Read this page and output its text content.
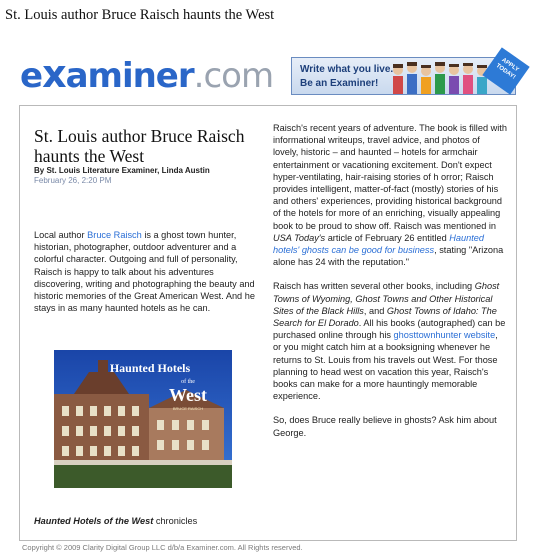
St. Louis author Bruce Raisch haunts the West
examiner.com	Write what you live.
Be an Examiner!
APPLY TODAY!
St. Louis author Bruce Raisch haunts the West
By St. Louis Literature Examiner, Linda Austin
February 26, 2:20 PM
Local author Bruce Raisch is a ghost town hunter, historian, photographer, outdoor adventurer and a colorful character. Outgoing and full of personality, Raisch is happy to talk about his adventures discovering, writing and photographing the beauty and historic memories of the Great American West. And he stays in as many haunted hotels as he can.
Haunted Hotels
of the
West
BRUCE RAISCH
Haunted Hotels of the West chronicles

Raisch's recent years of adventure. The book is filled with informational writeups, travel advice, and photos of lovely, historic – and haunted – hotels for armchair entertainment or vacationing excitement. Don't expect hyper-ventilating, hair-raising stories of h orror; Raisch provides intelligent, matter-of-fact (mostly) stories of his and others' experiences, providing historical background of the hotels for more of an enriching, visually appealing book to be proud to show off. Raisch was mentioned in USA Today's article of February 26 entitled Haunted hotels' ghosts can be good for business, stating "Arizona alone has 24 with the reputation."

Raisch has written several other books, including Ghost Towns of Wyoming, Ghost Towns and Other Historical Sites of the Black Hills, and Ghost Towns of Idaho: The Search for El Dorado. All his books (autographed) can be purchased online through his ghosttownhunter website, or you might catch him at a booksigning whenever he returns to St. Louis from his travels out West. For those planning to head west on vacation this year, Raisch's books can make for a more hauntingly memorable experience.

So, does Bruce really believe in ghosts? Ask him about George.

Copyright © 2009 Clarity Digital Group LLC d/b/a Examiner.com. All Rights reserved.
